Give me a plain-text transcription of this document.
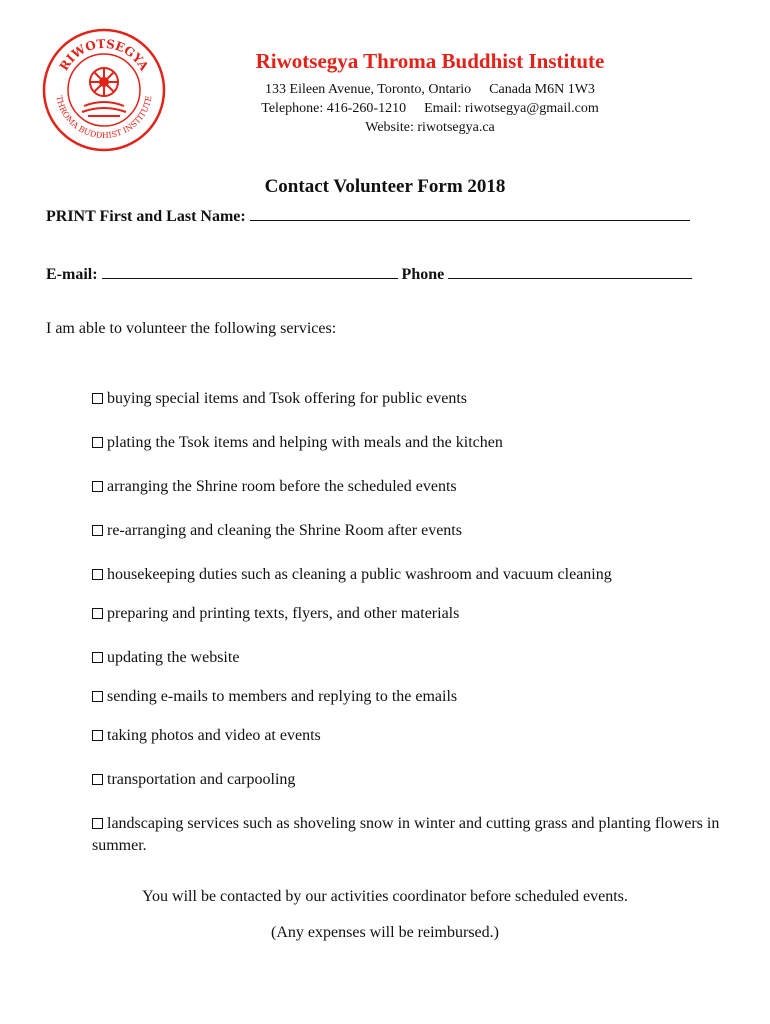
RIWOTSEGYA
THROMA BUDDHIST INSTITUTE
Riwotsegya Throma Buddhist Institute
133 Eileen Avenue, Toronto, Ontario Canada M6N 1W3
Telephone: 416-260-1210 Email: riwotsegya@gmail.com
Website: riwotsegya.ca
Contact Volunteer Form 2018
PRINT First and Last Name:
E-mail:	Phone
I am able to volunteer the following services:
buying special items and Tsok offering for public events
plating the Tsok items and helping with meals and the kitchen
arranging the Shrine room before the scheduled events
re-arranging and cleaning the Shrine Room after events
housekeeping duties such as cleaning a public washroom and vacuum cleaning
preparing and printing texts, flyers, and other materials
updating the website
sending e-mails to members and replying to the emails
taking photos and video at events
transportation and carpooling
landscaping services such as shoveling snow in winter and cutting grass and planting flowers in summer.
You will be contacted by our activities coordinator before scheduled events.
(Any expenses will be reimbursed.)
